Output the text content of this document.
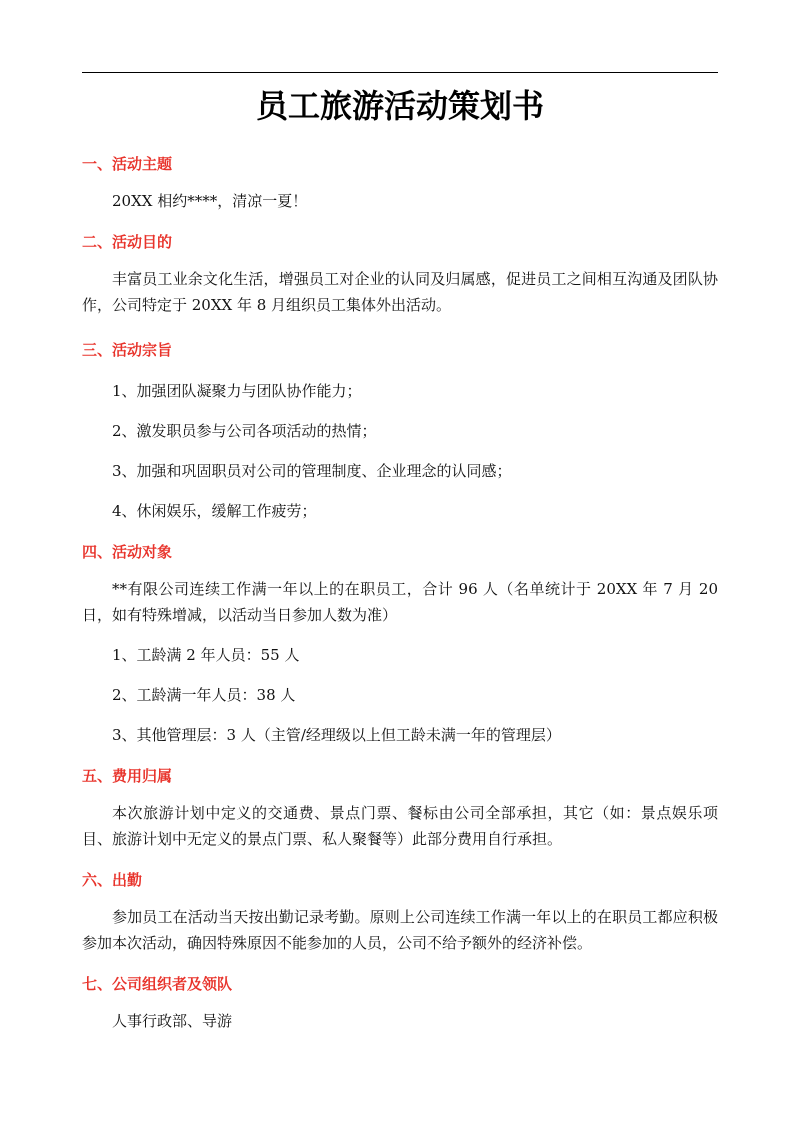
员工旅游活动策划书

一、活动主题

20XX 相约****，清凉一夏！

二、活动目的

丰富员工业余文化生活，增强员工对企业的认同及归属感，促进员工之间相互沟通及团队协作，公司特定于 20XX 年 8 月组织员工集体外出活动。

三、活动宗旨

1、加强团队凝聚力与团队协作能力；

2、激发职员参与公司各项活动的热情；

3、加强和巩固职员对公司的管理制度、企业理念的认同感；

4、休闲娱乐，缓解工作疲劳；

四、活动对象

**有限公司连续工作满一年以上的在职员工，合计 96 人（名单统计于 20XX 年 7 月 20 日，如有特殊增减，以活动当日参加人数为准）

1、工龄满 2 年人员：55 人

2、工龄满一年人员：38 人

3、其他管理层：3 人（主管/经理级以上但工龄未满一年的管理层）

五、费用归属

本次旅游计划中定义的交通费、景点门票、餐标由公司全部承担，其它（如：景点娱乐项目、旅游计划中无定义的景点门票、私人聚餐等）此部分费用自行承担。

六、出勤

参加员工在活动当天按出勤记录考勤。原则上公司连续工作满一年以上的在职员工都应积极参加本次活动，确因特殊原因不能参加的人员，公司不给予额外的经济补偿。

七、公司组织者及领队

人事行政部、导游
